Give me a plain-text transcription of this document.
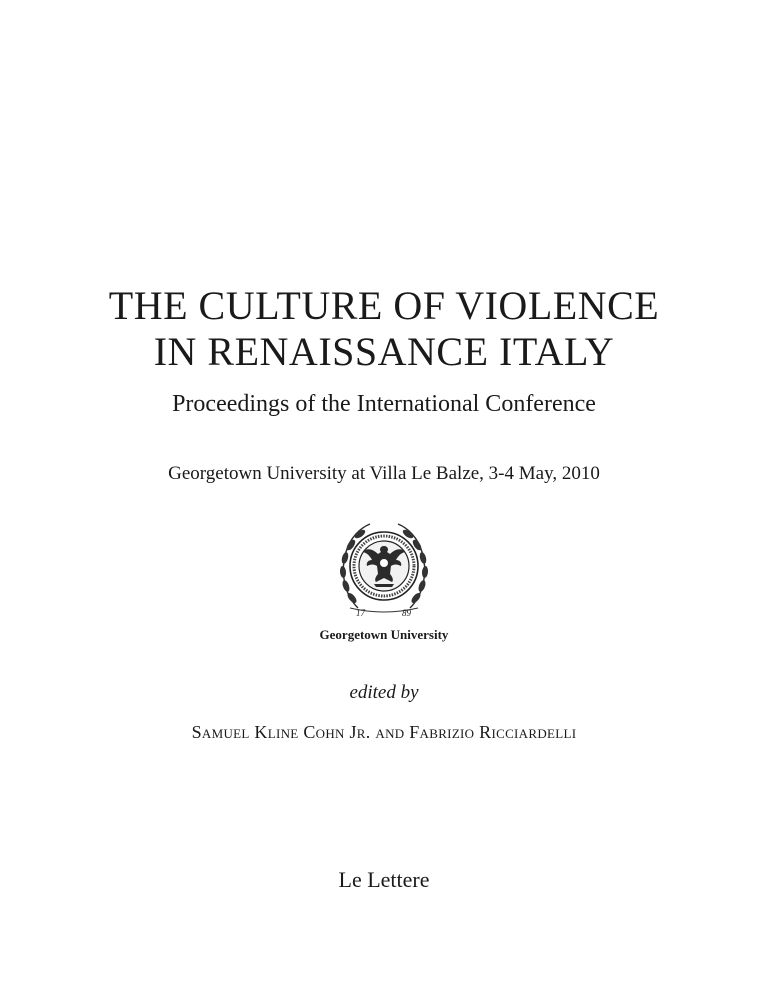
THE CULTURE OF VIOLENCE
IN RENAISSANCE ITALY
Proceedings of the International Conference
Georgetown University at Villa Le Balze, 3-4 May, 2010
17	89
Georgetown University
edited by
Samuel Kline Cohn Jr. and Fabrizio Ricciardelli
Le Lettere
